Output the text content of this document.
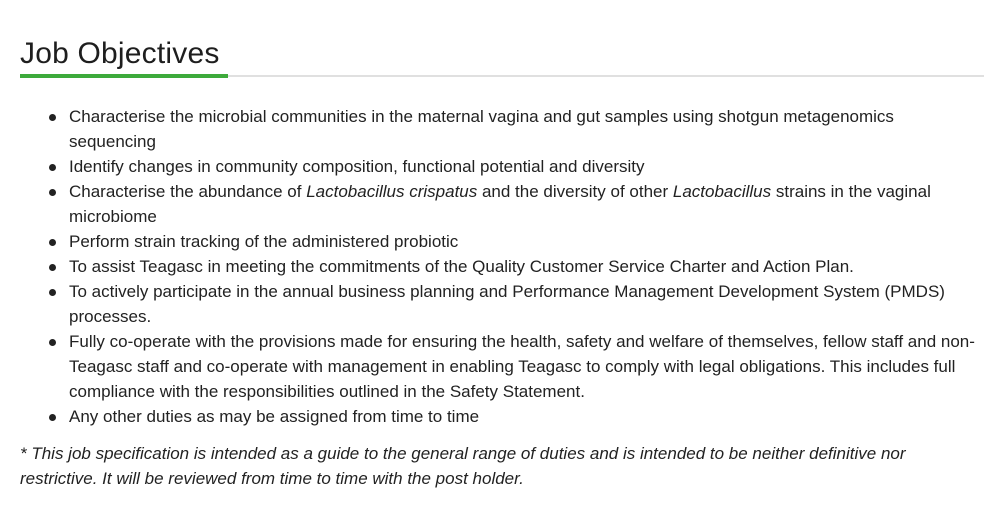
Job Objectives
Characterise the microbial communities in the maternal vagina and gut samples using shotgun metagenomics sequencing
Identify changes in community composition, functional potential and diversity
Characterise the abundance of Lactobacillus crispatus and the diversity of other Lactobacillus strains in the vaginal microbiome
Perform strain tracking of the administered probiotic
To assist Teagasc in meeting the commitments of the Quality Customer Service Charter and Action Plan.
To actively participate in the annual business planning and Performance Management Development System (PMDS) processes.
Fully co-operate with the provisions made for ensuring the health, safety and welfare of themselves, fellow staff and non-Teagasc staff and co-operate with management in enabling Teagasc to comply with legal obligations. This includes full compliance with the responsibilities outlined in the Safety Statement.
Any other duties as may be assigned from time to time

* This job specification is intended as a guide to the general range of duties and is intended to be neither definitive nor restrictive. It will be reviewed from time to time with the post holder.
